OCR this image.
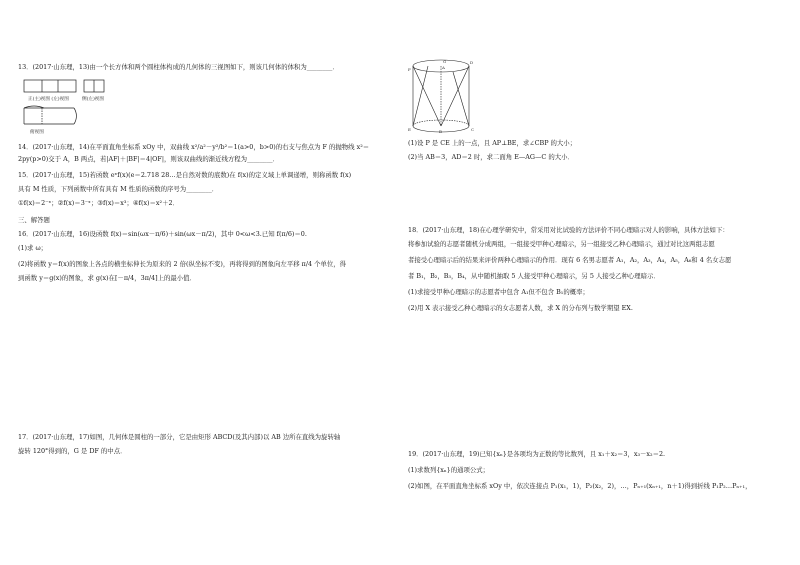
13．(2017·山东理，13)由一个长方体和两个圆柱体构成的几何体的三视图如下，则该几何体的体积为________．
正(主)视图 (左)视图	侧(左)视图
俯视图
14．(2017·山东理，14)在平面直角坐标系 xOy 中，双曲线 x²/a²－y²/b²＝1(a>0，b>0)的右支与焦点为 F 的抛物线 x²＝
2py(p>0)交于 A，B 两点，若|AF|＋|BF|＝4|OF|，则该双曲线的渐近线方程为________．
15．(2017·山东理，15)若函数 eˣf(x)(e＝2.718 28…是自然对数的底数)在 f(x)的定义域上单调递增，则称函数 f(x)
具有 M 性质，下列函数中所有具有 M 性质的函数的序号为________．
①f(x)＝2⁻ˣ；②f(x)＝3⁻ˣ；③f(x)＝x³；④f(x)＝x²＋2．
三、解答题
16．(2017·山东理，16)设函数 f(x)＝sin(ωx－π/6)＋sin(ωx－π/2)，其中 0<ω<3.已知 f(π/6)＝0.
(1)求 ω；
(2)将函数 y＝f(x)的图象上各点的横坐标伸长为原来的 2 倍(纵坐标不变)，再将得到的图象向左平移 π/4 个单位，得
到函数 y＝g(x)的图象，求 g(x)在[－π/4，3π/4]上的最小值．
17．(2017·山东理，17)如图，几何体是圆柱的一部分，它是由矩形 ABCD(及其内部)以 AB 边所在直线为旋转轴
旋转 120°得到的，G 是 DF 的中点．
F
G	D
E	B	C
A
(1)设 P 是 CE 上的一点，且 AP⊥BE，求∠CBP 的大小；
(2)当 AB＝3，AD＝2 时，求二面角 E—AG—C 的大小．
18．(2017·山东理，18)在心理学研究中，常采用对比试验的方法评价不同心理暗示对人的影响，具体方法如下：
将参加试验的志愿者随机分成两组，一组接受甲种心理暗示，另一组接受乙种心理暗示，通过对比这两组志愿
者接受心理暗示后的结果来评价两种心理暗示的作用．现有 6 名男志愿者 A₁，A₂，A₃，A₄，A₅，A₆和 4 名女志愿
者 B₁，B₂，B₃，B₄，从中随机抽取 5 人接受甲种心理暗示，另 5 人接受乙种心理暗示．
(1)求接受甲种心理暗示的志愿者中包含 A₁但不包含 B₁的概率；
(2)用 X 表示接受乙种心理暗示的女志愿者人数，求 X 的分布列与数学期望 EX.
19．(2017·山东理，19)已知{xₙ}是各项均为正数的等比数列，且 x₁＋x₂＝3，x₃－x₂＝2.
(1)求数列{xₙ}的通项公式；
(2)如图，在平面直角坐标系 xOy 中，依次连接点 P₁(x₁，1)，P₂(x₂，2)，…，Pₙ₊₁(xₙ₊₁，n＋1)得到折线 P₁P₂…Pₙ₊₁，
